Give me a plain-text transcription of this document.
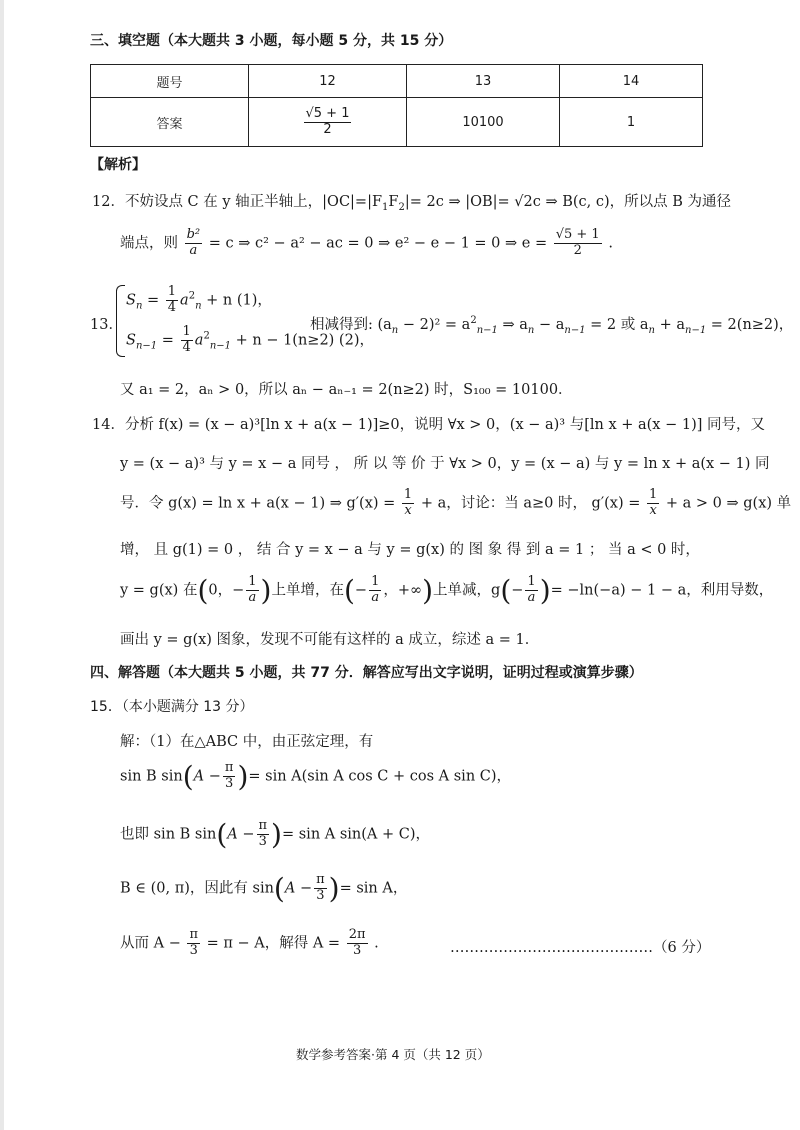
三、填空题（本大题共 3 小题，每小题 5 分，共 15 分）
题号	12	13	14
答案	$\frac{√5 + 1}{2}$	10100	1
【解析】
12．不妨设点 C 在 y 轴正半轴上，$|OC|=|F_1F_2|= 2c$ ⇒ |OB|= √2c ⇒ B(c, c)，所以点 B 为通径
端点，则 $\frac{\text{b²}}{a} = c$ ⇒ c² − a² − ac = 0 ⇒ e² − e − 1 = 0 ⇒ $e = \frac{√5 + 1}{2}$ .
13．
$S_n = \frac{1}{4} a^2_n + n$ (1)，
$S_{n-1} = \frac{1}{4} a^2_{n-1} + n - 1(n\ge 2)$ (2)，
相减得到: $(a_n - 2)^2 = a^2_{n-1}$ ⇒ $a_n - a_{n-1} = 2$ 或 $a_n + a_{n-1} = 2(n\ge 2)$，
又 a₁ = 2，aₙ > 0，所以 aₙ − aₙ₋₁ = 2(n≥2) 时，S₁₀₀ = 10100．
14．分析 f(x) = (x − a)³[ln x + a(x − 1)]≥0，说明 ∀x > 0，(x − a)³ 与[ln x + a(x − 1)] 同号，又
y = (x − a)³ 与 y = x − a 同号 ， 所 以 等 价 于 ∀x > 0，y = (x − a) 与 y = ln x + a(x − 1) 同
号．令 g(x) = ln x + a(x − 1) ⇒ $g'(x) = \frac{1}{x} + a$，讨论：当 a≥0 时， $g'(x) = \frac{1}{x} + a > 0$ ⇒ g(x) 单
增， 且 g(1) = 0 ， 结 合 y = x − a 与 y = g(x) 的 图 象 得 到 a = 1 ； 当 a < 0 时，
y = g(x) 在(0，− $\frac{1}{a}$ )上单增，在(− $\frac{1}{a}$ ，+∞)上单减，$g(- \frac{1}{a}$ )= −ln(−a) − 1 − a，利用导数，
画出 y = g(x) 图象，发现不可能有这样的 a 成立，综述 a = 1．
四、解答题（本大题共 5 小题，共 77 分．解答应写出文字说明，证明过程或演算步骤）
15．（本小题满分 13 分）
解：（1）在△ABC 中，由正弦定理，有
sin B $\sin(A - \frac{\pi}{3}$ )= sin A(sin A cos C + cos A sin C)，
也即 sin B $\sin(A - \frac{\pi}{3}$ )= sin A sin(A + C)，
B ∈ (0, π)，因此有 $\sin(A - \frac{\pi}{3}$ )= sin A，
从而 $A - \frac{\pi}{3} = \pi - A$，解得 $A = \frac{2\pi}{3}$ .	……………………………………（6 分）
数学参考答案·第 4 页（共 12 页）
